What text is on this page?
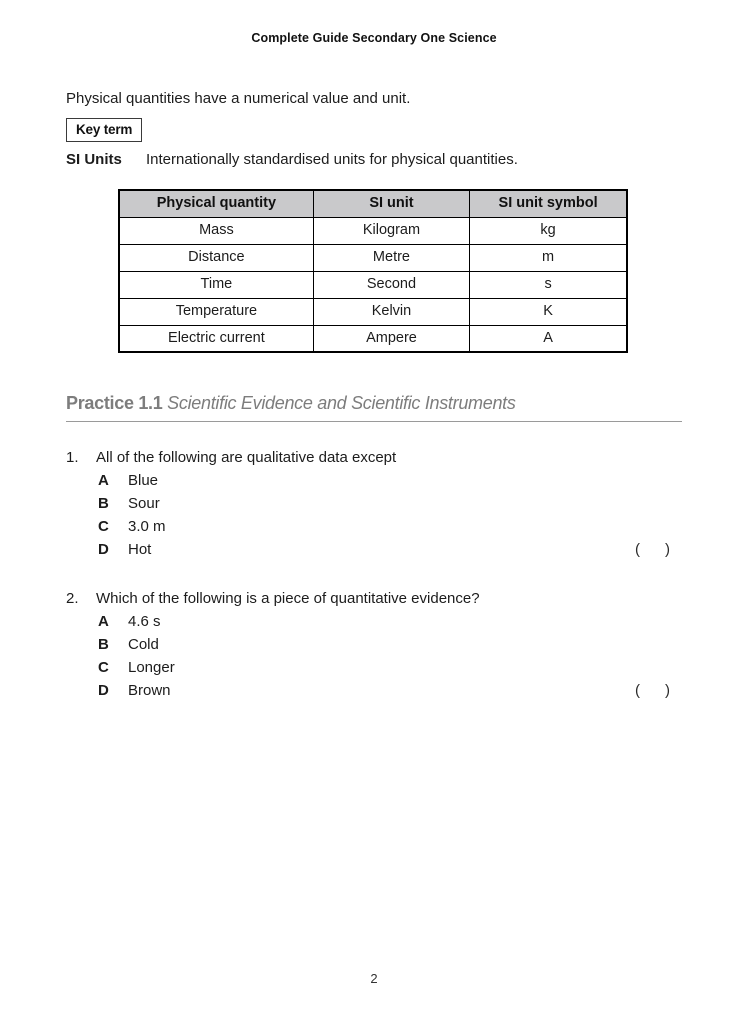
Complete Guide Secondary One Science

Physical quantities have a numerical value and unit.

Key term
SI Units	Internationally standardised units for physical quantities.
Physical quantity	SI unit	SI unit symbol
Mass	Kilogram	kg
Distance	Metre	m
Time	Second	s
Temperature	Kelvin	K
Electric current	Ampere	A
Practice 1.1 Scientific Evidence and Scientific Instruments
1.	All of the following are qualitative data except
A	Blue
B	Sour
C	3.0 m
D	Hot	(      )
2.	Which of the following is a piece of quantitative evidence?
A	4.6 s
B	Cold
C	Longer
D	Brown	(      )
2
